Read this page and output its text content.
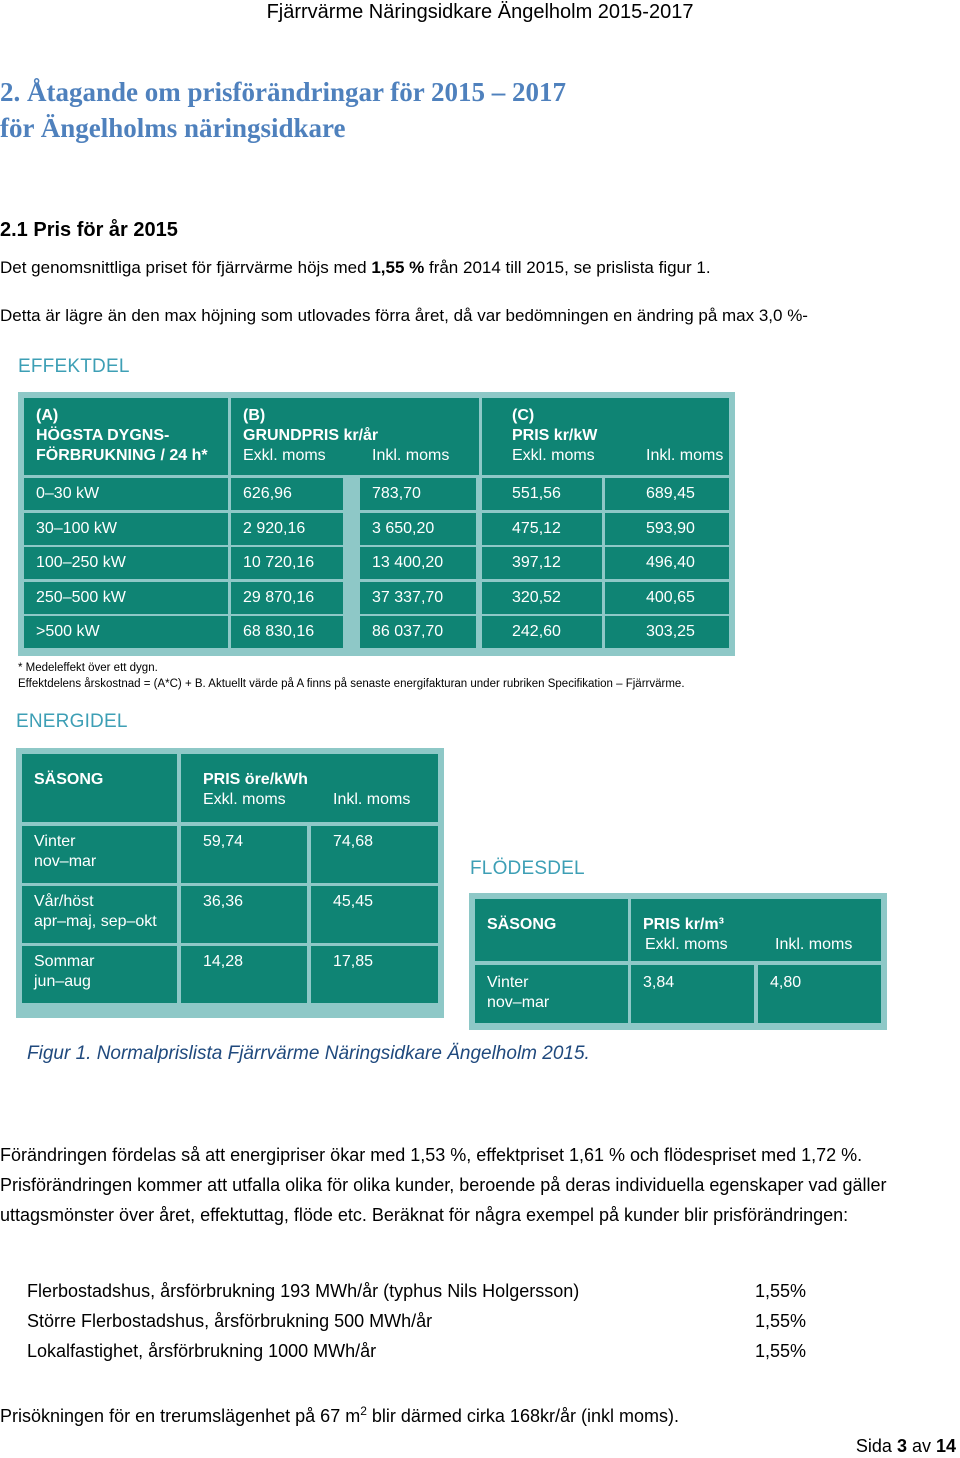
Fjärrvärme Näringsidkare Ängelholm 2015-2017
2. Åtagande om prisförändringar för 2015 – 2017
för Ängelholms näringsidkare
2.1 Pris för år 2015
Det genomsnittliga priset för fjärrvärme höjs med 1,55 % från 2014 till 2015, se prislista figur 1.
Detta är lägre än den max höjning som utlovades förra året, då var bedömningen en ändring på max 3,0 %-
EFFEKTDEL
(A)
HÖGSTA DYGNS-
FÖRBRUKNING / 24 h*
(B)
GRUNDPRIS kr/år
Exkl. moms	Inkl. moms
(C)
PRIS kr/kW
Exkl. moms	Inkl. moms
0–30 kW	626,96	783,70	551,56	689,45
30–100 kW	2 920,16	3 650,20	475,12	593,90
100–250 kW	10 720,16	13 400,20	397,12	496,40
250–500 kW	29 870,16	37 337,70	320,52	400,65
>500 kW	68 830,16	86 037,70	242,60	303,25
* Medeleffekt över ett dygn.
Effektdelens årskostnad = (A*C) + B. Aktuellt värde på A finns på senaste energifakturan under rubriken Specifikation – Fjärrvärme.
ENERGIDEL
SÄSONG	PRIS öre/kWh
Exkl. moms	Inkl. moms
Vinter
nov–mar
59,74	74,68
Vår/höst
apr–maj, sep–okt
36,36	45,45
Sommar
jun–aug
14,28	17,85
FLÖDESDEL
SÄSONG	PRIS kr/m³
Exkl. moms	Inkl. moms
Vinter
nov–mar
3,84	4,80
Figur 1. Normalprislista Fjärrvärme Näringsidkare Ängelholm 2015.
Förändringen fördelas så att energipriser ökar med 1,53 %, effektpriset 1,61 % och flödespriset med 1,72 %.
Prisförändringen kommer att utfalla olika för olika kunder, beroende på deras individuella egenskaper vad gäller uttagsmönster över året, effektuttag, flöde etc. Beräknat för några exempel på kunder blir prisförändringen:
Flerbostadshus, årsförbrukning 193 MWh/år (typhus Nils Holgersson)	1,55%
Större Flerbostadshus, årsförbrukning 500 MWh/år	1,55%
Lokalfastighet, årsförbrukning 1000 MWh/år	1,55%
Prisökningen för en trerumslägenhet på 67 $m^2$ blir därmed cirka 168kr/år (inkl moms).
Sida 3 av 14
